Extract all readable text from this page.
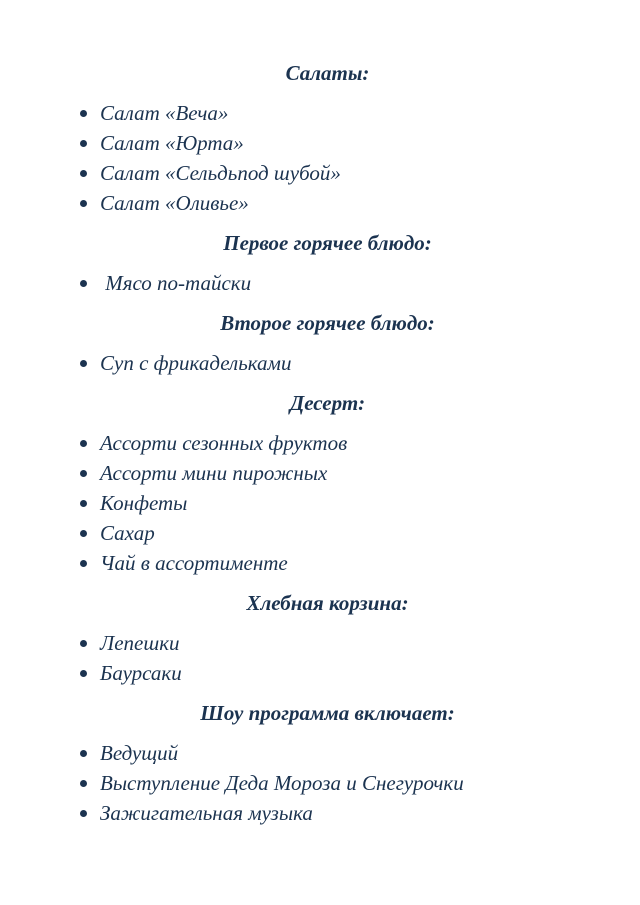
Салаты:
Салат «Веча»
Салат «Юрта»
Салат «Сельдьпод шубой»
Салат «Оливье»
Первое горячее блюдо:
Мясо по-тайски
Второе горячее блюдо:
Суп с фрикадельками
Десерт:
Ассорти сезонных фруктов
Ассорти мини пирожных
Конфеты
Сахар
Чай в ассортименте
Хлебная корзина:
Лепешки
Баурсаки
Шоу программа включает:
Ведущий
Выступление Деда Мороза и Снегурочки
Зажигательная музыка
